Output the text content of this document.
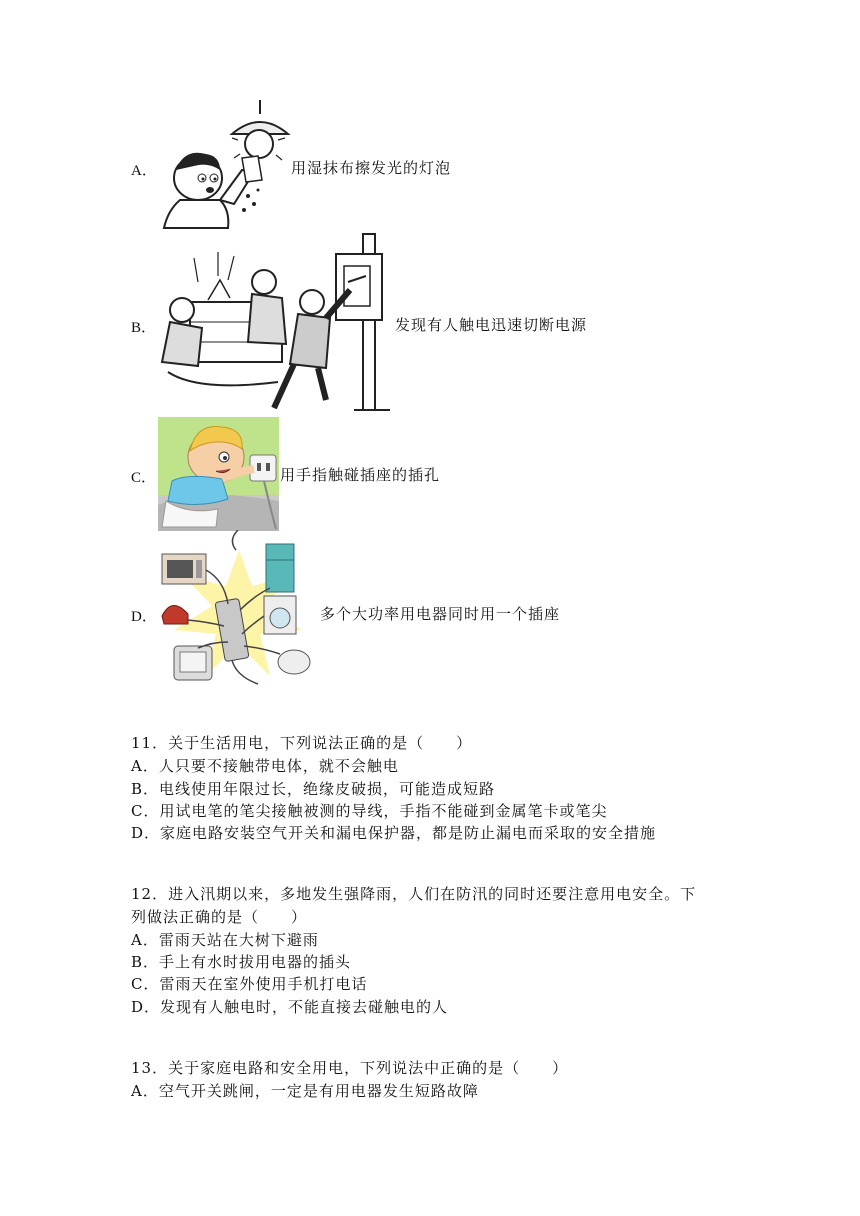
A．	用湿抹布擦发光的灯泡
B．	发现有人触电迅速切断电源
C．	用手指触碰插座的插孔
D．	多个大功率用电器同时用一个插座
11．关于生活用电，下列说法正确的是（　　）
A．人只要不接触带电体，就不会触电
B．电线使用年限过长，绝缘皮破损，可能造成短路
C．用试电笔的笔尖接触被测的导线，手指不能碰到金属笔卡或笔尖
D．家庭电路安装空气开关和漏电保护器，都是防止漏电而采取的安全措施
12．进入汛期以来，多地发生强降雨，人们在防汛的同时还要注意用电安全。下
列做法正确的是（　　）
A．雷雨天站在大树下避雨
B．手上有水时拔用电器的插头
C．雷雨天在室外使用手机打电话
D．发现有人触电时，不能直接去碰触电的人
13．关于家庭电路和安全用电，下列说法中正确的是（　　）
A．空气开关跳闸，一定是有用电器发生短路故障
